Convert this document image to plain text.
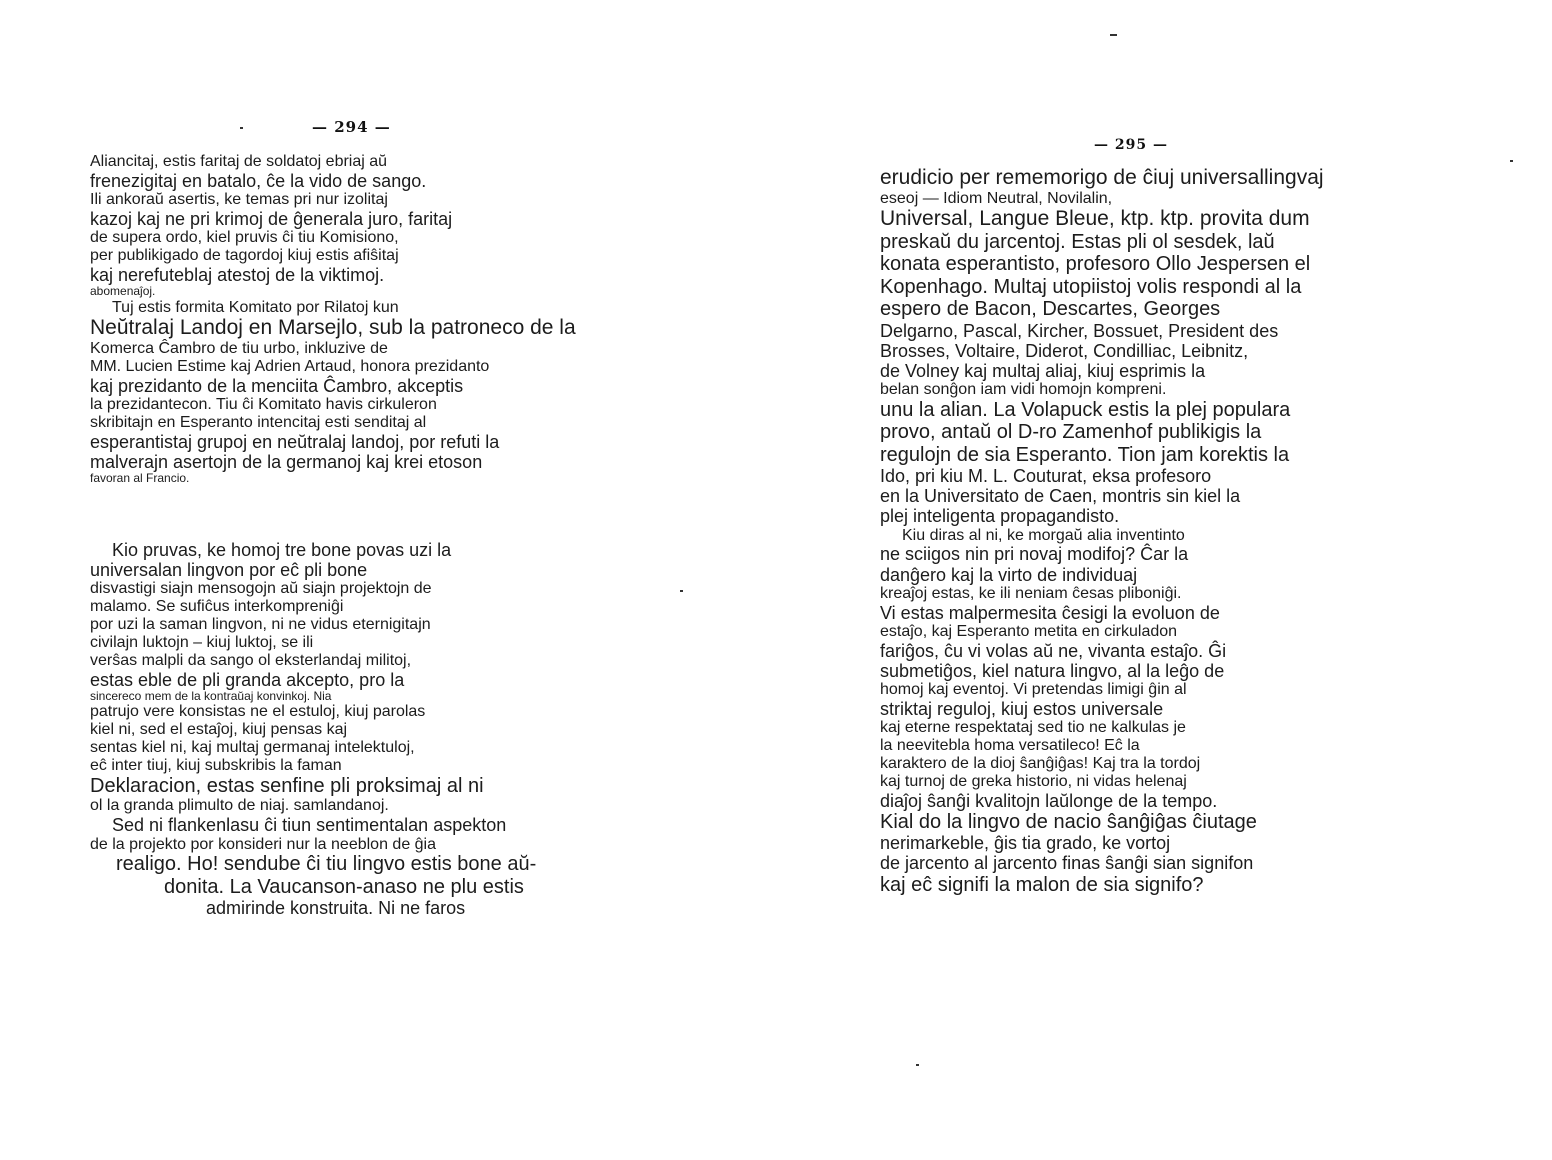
— 294 —
Aliancitaj, estis faritaj de soldatoj ebriaj aŭ
frenezigitaj en batalo, ĉe la vido de sango.
Ili ankoraŭ asertis, ke temas pri nur izolitaj
kazoj kaj ne pri krimoj de ĝenerala juro, faritaj
de supera ordo, kiel pruvis ĉi tiu Komisiono,
per publikigado de tagordoj kiuj estis afiŝitaj
kaj nerefuteblaj atestoj de la viktimoj.
abomenaĵoj.
Tuj estis formita Komitato por Rilatoj kun
Neŭtralaj Landoj en Marsejlo, sub la patroneco de la
Komerca Ĉambro de tiu urbo, inkluzive de
MM. Lucien Estime kaj Adrien Artaud, honora prezidanto
kaj prezidanto de la menciita Ĉambro, akceptis
la prezidantecon. Tiu ĉi Komitato havis cirkuleron
skribitajn en Esperanto intencitaj esti senditaj al
esperantistaj grupoj en neŭtralaj landoj, por refuti la
malverajn asertojn de la germanoj kaj krei etoson
favoran al Francio.
Kio pruvas, ke homoj tre bone povas uzi la
universalan lingvon por eĉ pli bone
disvastigi siajn mensogojn aŭ siajn projektojn de
malamo. Se sufiĉus interkompreniĝi
por uzi la saman lingvon, ni ne vidus eternigitajn
civilajn luktojn – kiuj luktoj, se ili
verŝas malpli da sango ol eksterlandaj militoj,
estas eble de pli granda akcepto, pro la
sincereco mem de la kontraŭaj konvinkoj. Nia
patrujo vere konsistas ne el estuloj, kiuj parolas
kiel ni, sed el estaĵoj, kiuj pensas kaj
sentas kiel ni, kaj multaj germanaj intelektuloj,
eĉ inter tiuj, kiuj subskribis la faman
Deklaracion, estas senfine pli proksimaj al ni
ol la granda plimulto de niaj. samlandanoj.
Sed ni flankenlasu ĉi tiun sentimentalan aspekton
de la projekto por konsideri nur la neeblon de ĝia
realigo. Ho! sendube ĉi tiu lingvo estis bone aŭ-
donita. La Vaucanson-anaso ne plu estis
admirinde konstruita. Ni ne faros
— 295 —
erudicio per rememorigo de ĉiuj universallingvaj
eseoj — Idiom Neutral, Novilalin,
Universal, Langue Bleue, ktp. ktp. provita dum
preskaŭ du jarcentoj. Estas pli ol sesdek, laŭ
konata esperantisto, profesoro Ollo Jespersen el
Kopenhago. Multaj utopiistoj volis respondi al la
espero de Bacon, Descartes, Georges
Delgarno, Pascal, Kircher, Bossuet, President des
Brosses, Voltaire, Diderot, Condilliac, Leibnitz,
de Volney kaj multaj aliaj, kiuj esprimis la
belan sonĝon iam vidi homojn kompreni.
unu la alian. La Volapuck estis la plej populara
provo, antaŭ ol D-ro Zamenhof publikigis la
regulojn de sia Esperanto. Tion jam korektis la
Ido, pri kiu M. L. Couturat, eksa profesoro
en la Universitato de Caen, montris sin kiel la
plej inteligenta propagandisto.
Kiu diras al ni, ke morgaŭ alia inventinto
ne sciigos nin pri novaj modifoj? Ĉar la
danĝero kaj la virto de individuaj
kreaĵoj estas, ke ili neniam ĉesas pliboniĝi.
Vi estas malpermesita ĉesigi la evoluon de
estaĵo, kaj Esperanto metita en cirkuladon
fariĝos, ĉu vi volas aŭ ne, vivanta estaĵo. Ĝi
submetiĝos, kiel natura lingvo, al la leĝo de
homoj kaj eventoj. Vi pretendas limigi ĝin al
striktaj reguloj, kiuj estos universale
kaj eterne respektataj sed tio ne kalkulas je
la neevitebla homa versatileco! Eĉ la
karaktero de la dioj ŝanĝiĝas! Kaj tra la tordoj
kaj turnoj de greka historio, ni vidas helenaj
diaĵoj ŝanĝi kvalitojn laŭlonge de la tempo.
Kial do la lingvo de nacio ŝanĝiĝas ĉiutage
nerimarkeble, ĝis tia grado, ke vortoj
de jarcento al jarcento finas ŝanĝi sian signifon
kaj eĉ signifi la malon de sia signifo?
